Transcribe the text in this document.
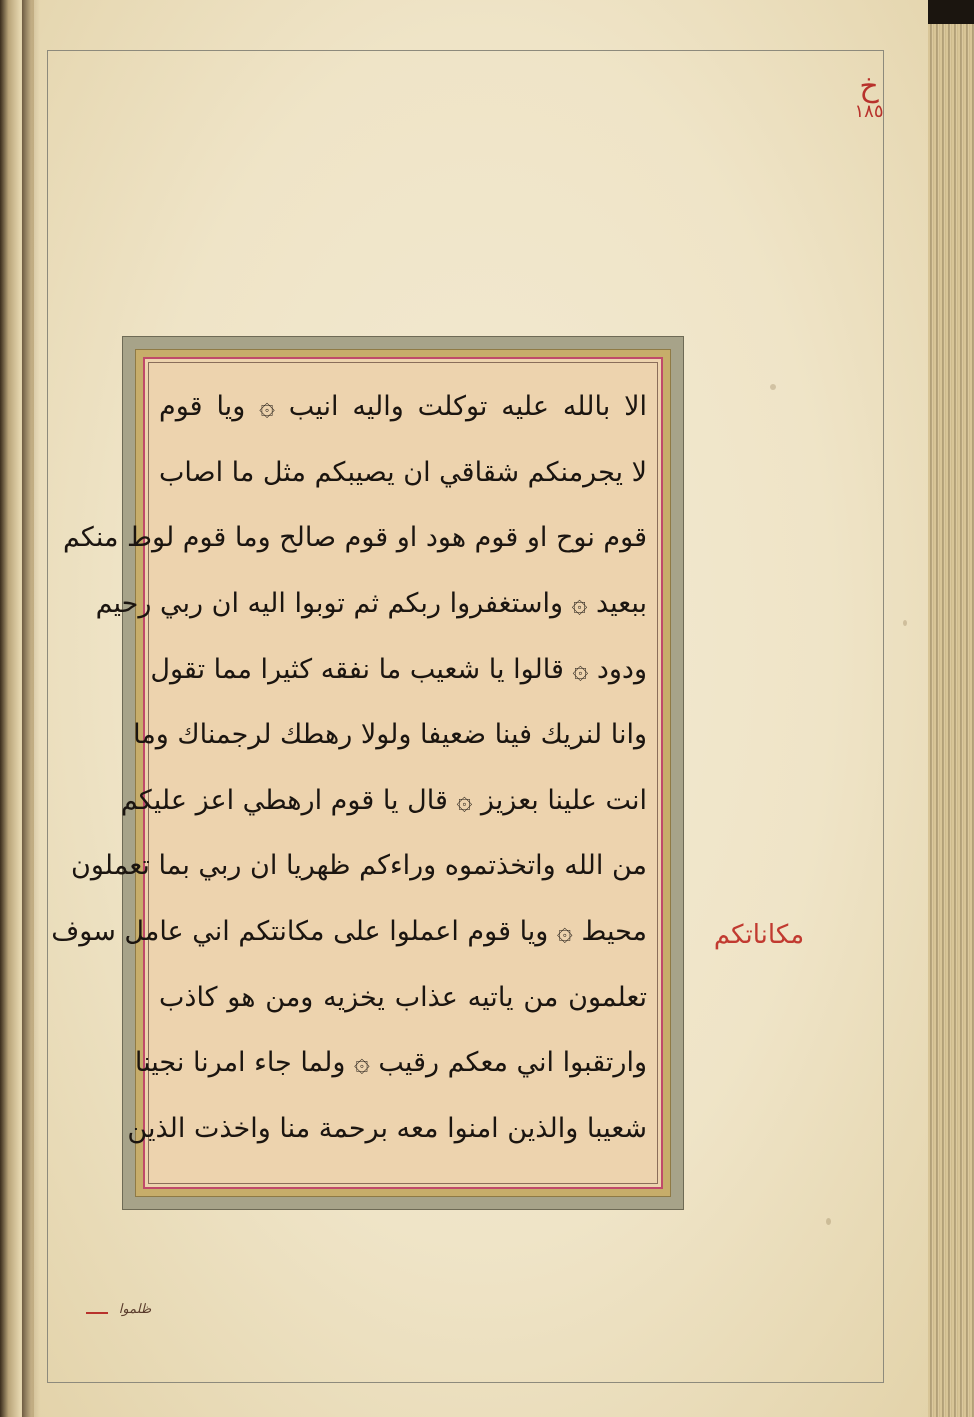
خ
١٨٥
الا بالله عليه توكلت واليه انيب ۞ ويا قوم
لا يجرمنكم شقاقي ان يصيبكم مثل ما اصاب
قوم نوح او قوم هود او قوم صالح وما قوم لوط منكم
ببعيد ۞ واستغفروا ربكم ثم توبوا اليه ان ربي رحيم
ودود ۞ قالوا يا شعيب ما نفقه كثيرا مما تقول
وانا لنريك فينا ضعيفا ولولا رهطك لرجمناك وما
انت علينا بعزيز ۞ قال يا قوم ارهطي اعز عليكم
من الله واتخذتموه وراءكم ظهريا ان ربي بما تعملون
محيط ۞ ويا قوم اعملوا على مكانتكم اني عامل سوف
تعلمون من ياتيه عذاب يخزيه ومن هو كاذب
وارتقبوا اني معكم رقيب ۞ ولما جاء امرنا نجينا
شعيبا والذين امنوا معه برحمة منا واخذت الذين
مكاناتكم
ظلموا
